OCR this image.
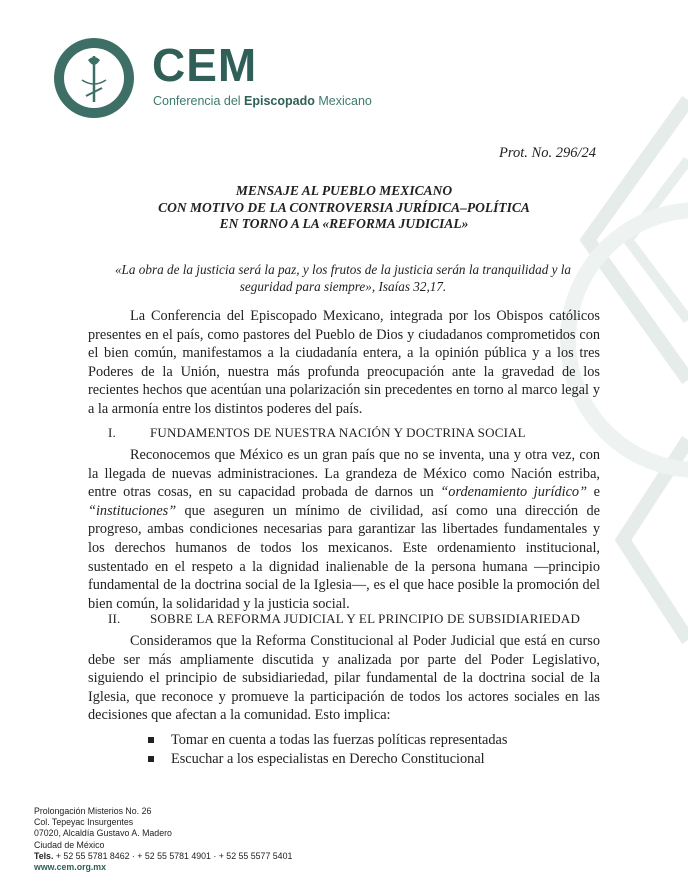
CEM
Conferencia del Episcopado Mexicano
Prot. No. 296/24
MENSAJE AL PUEBLO MEXICANO
CON MOTIVO DE LA CONTROVERSIA JURÍDICA–POLÍTICA
EN TORNO A LA «REFORMA JUDICIAL»
«La obra de la justicia será la paz, y los frutos de la justicia serán la tranquilidad y la seguridad para siempre», Isaías 32,17.
La Conferencia del Episcopado Mexicano, integrada por los Obispos católicos presentes en el país, como pastores del Pueblo de Dios y ciudadanos comprometidos con el bien común, manifestamos a la ciudadanía entera, a la opinión pública y a los tres Poderes de la Unión, nuestra más profunda preocupación ante la gravedad de los recientes hechos que acentúan una polarización sin precedentes en torno al marco legal y a la armonía entre los distintos poderes del país.
I.	FUNDAMENTOS DE NUESTRA NACIÓN Y DOCTRINA SOCIAL
Reconocemos que México es un gran país que no se inventa, una y otra vez, con la llegada de nuevas administraciones. La grandeza de México como Nación estriba, entre otras cosas, en su capacidad probada de darnos un “ordenamiento jurídico” e “instituciones” que aseguren un mínimo de civilidad, así como una dirección de progreso, ambas condiciones necesarias para garantizar las libertades fundamentales y los derechos humanos de todos los mexicanos. Este ordenamiento institucional, sustentado en el respeto a la dignidad inalienable de la persona humana —principio fundamental de la doctrina social de la Iglesia—, es el que hace posible la promoción del bien común, la solidaridad y la justicia social.
II. SOBRE LA REFORMA JUDICIAL Y EL PRINCIPIO DE SUBSIDIARIEDAD
Consideramos que la Reforma Constitucional al Poder Judicial que está en curso debe ser más ampliamente discutida y analizada por parte del Poder Legislativo, siguiendo el principio de subsidiariedad, pilar fundamental de la doctrina social de la Iglesia, que reconoce y promueve la participación de todos los actores sociales en las decisiones que afectan a la comunidad. Esto implica:
Tomar en cuenta a todas las fuerzas políticas representadas
Escuchar a los especialistas en Derecho Constitucional
Prolongación Misterios No. 26
Col. Tepeyac Insurgentes
07020, Alcaldía Gustavo A. Madero
Ciudad de México
Tels. + 52 55 5781 8462 · + 52 55 5781 4901 · + 52 55 5577 5401
www.cem.org.mx
